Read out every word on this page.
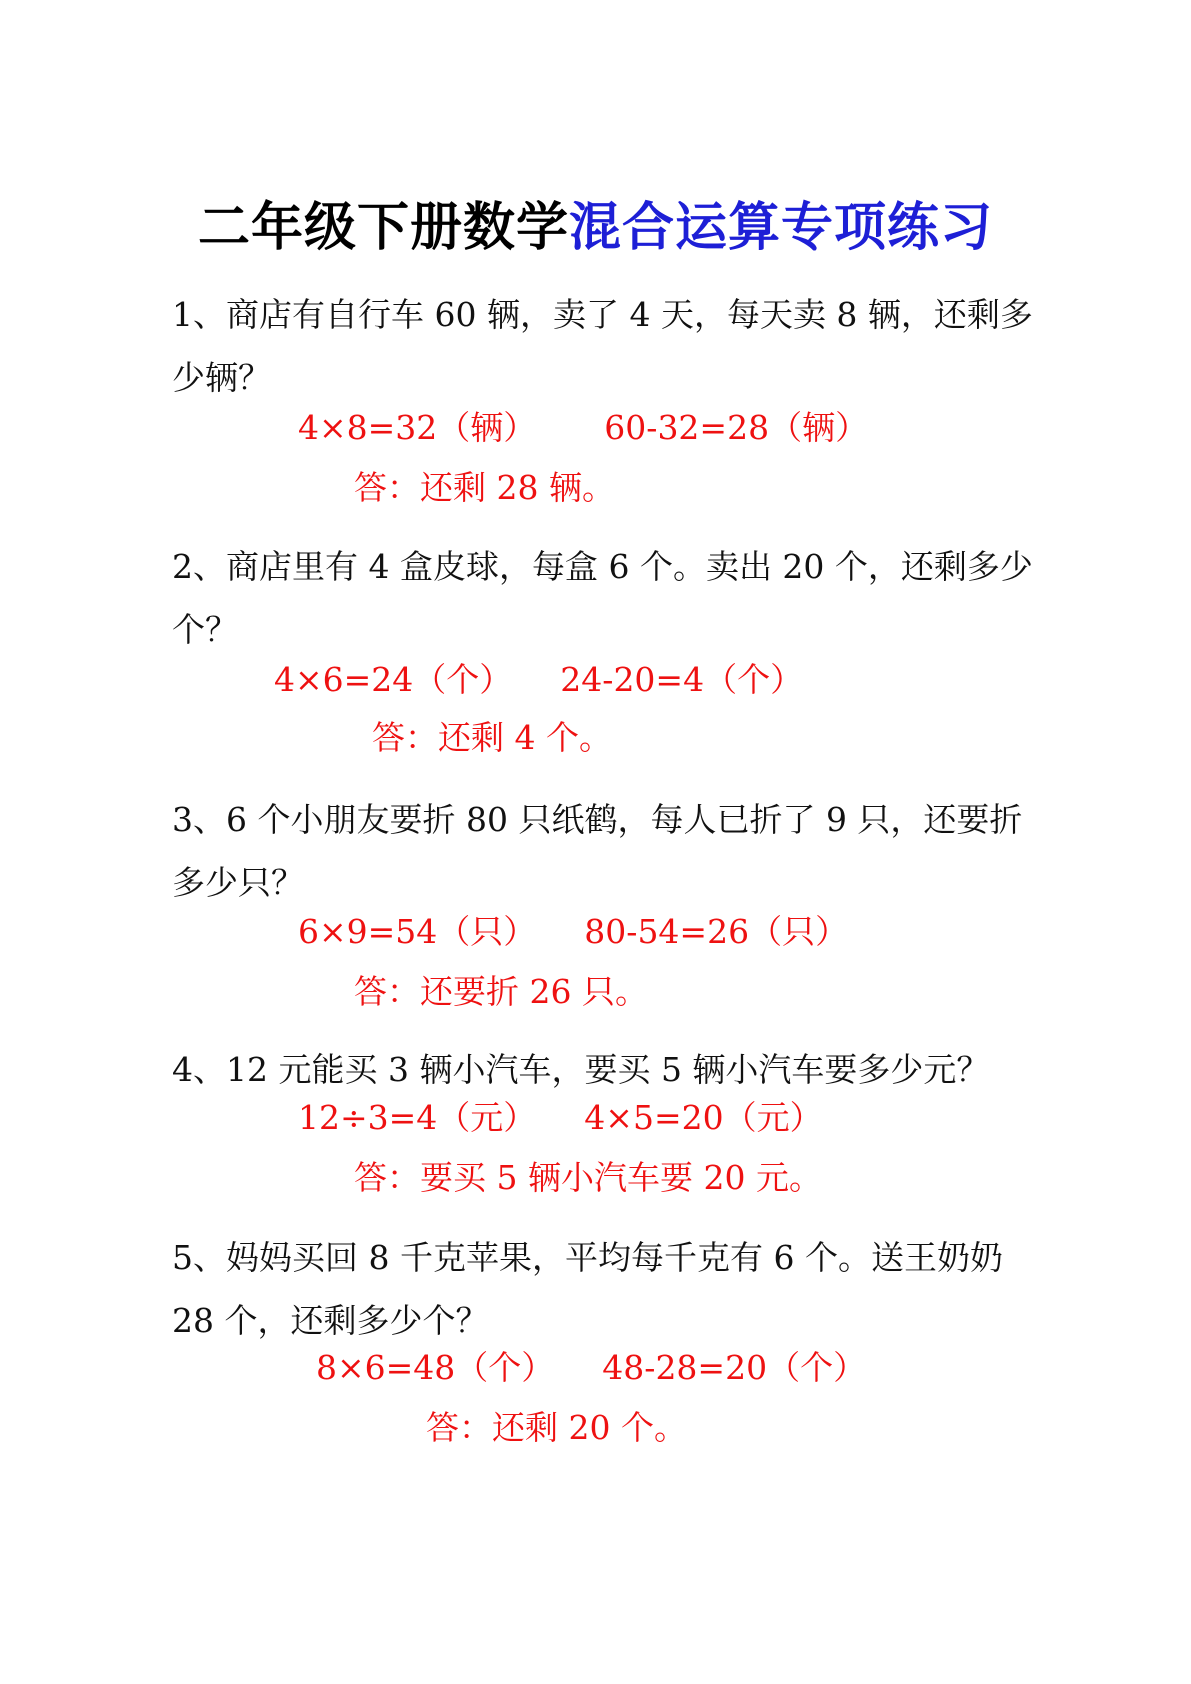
二年级下册数学混合运算专项练习

1、商店有自行车 60 辆，卖了 4 天，每天卖 8 辆，还剩多少辆？

4×8=32（辆） 60-32=28（辆）

答：还剩 28 辆。

2、商店里有 4 盒皮球，每盒 6 个。卖出 20 个，还剩多少个？

4×6=24（个） 24-20=4（个）

答：还剩 4 个。

3、6 个小朋友要折 80 只纸鹤，每人已折了 9 只，还要折多少只？

6×9=54（只） 80-54=26（只）

答：还要折 26 只。

4、12 元能买 3 辆小汽车，要买 5 辆小汽车要多少元？

12÷3=4（元） 4×5=20（元）

答：要买 5 辆小汽车要 20 元。

5、妈妈买回 8 千克苹果，平均每千克有 6 个。送王奶奶 28 个，还剩多少个？

8×6=48（个） 48-28=20（个）

答：还剩 20 个。
